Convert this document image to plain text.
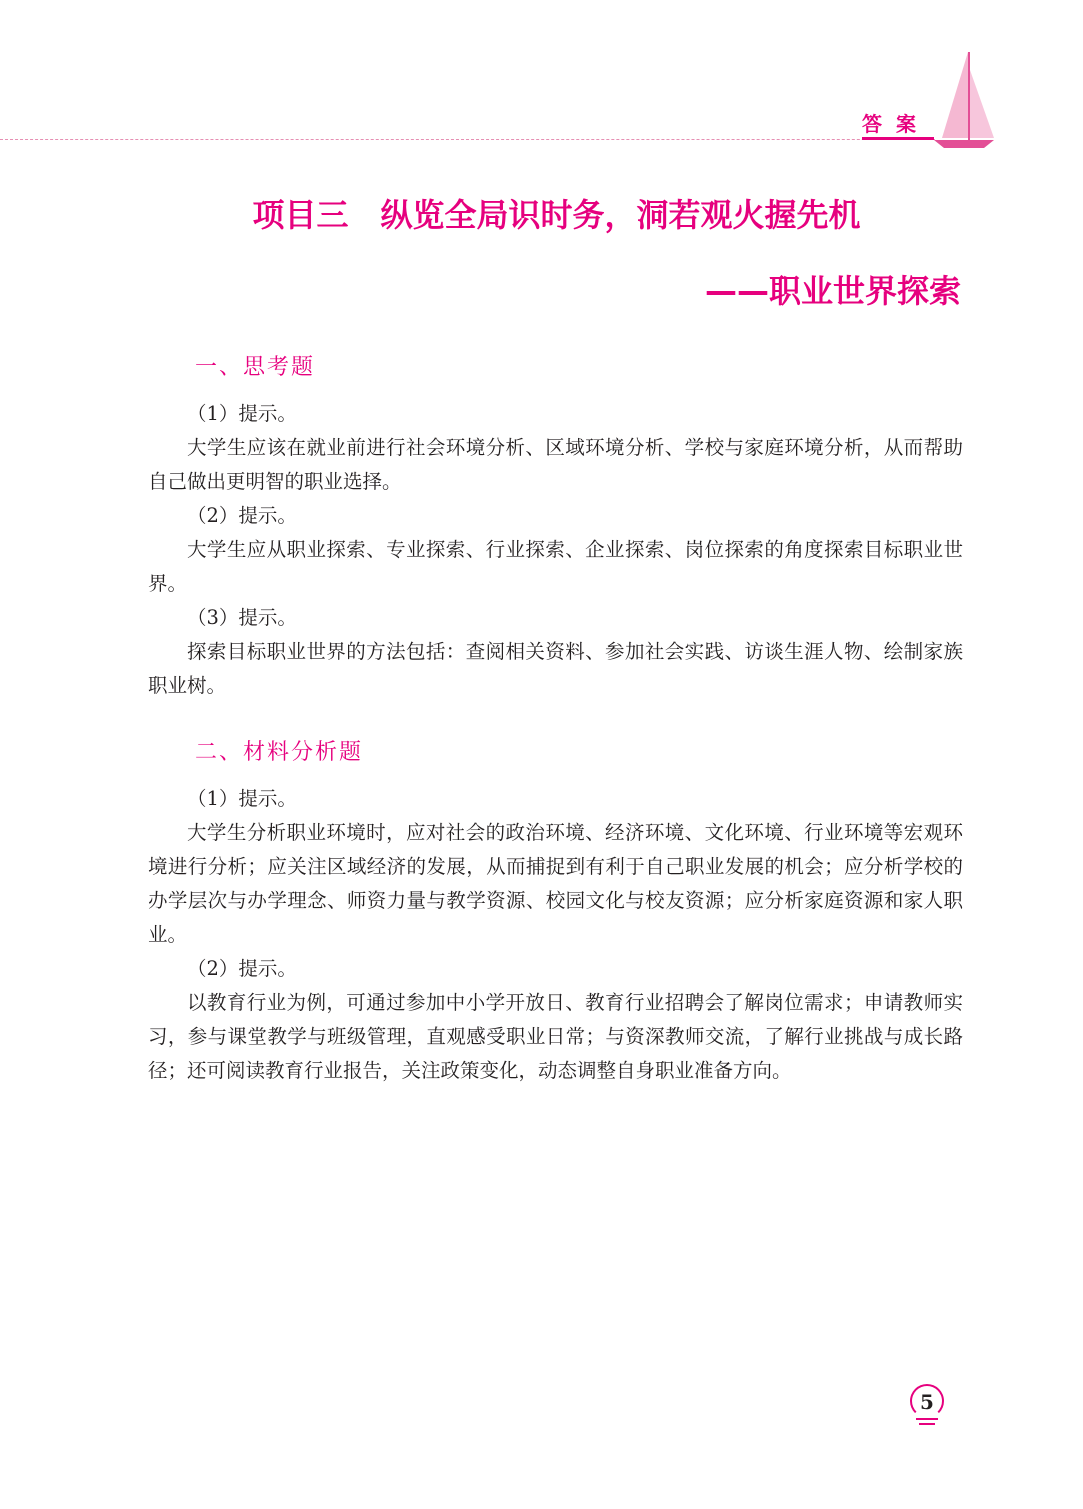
答案
项目三　纵览全局识时务，洞若观火握先机
——职业世界探索
一、思考题

（1）提示。

大学生应该在就业前进行社会环境分析、区域环境分析、学校与家庭环境分析，从而帮助自己做出更明智的职业选择。

（2）提示。

大学生应从职业探索、专业探索、行业探索、企业探索、岗位探索的角度探索目标职业世界。

（3）提示。

探索目标职业世界的方法包括：查阅相关资料、参加社会实践、访谈生涯人物、绘制家族职业树。

二、材料分析题

（1）提示。

大学生分析职业环境时，应对社会的政治环境、经济环境、文化环境、行业环境等宏观环境进行分析；应关注区域经济的发展，从而捕捉到有利于自己职业发展的机会；应分析学校的办学层次与办学理念、师资力量与教学资源、校园文化与校友资源；应分析家庭资源和家人职业。

（2）提示。

以教育行业为例，可通过参加中小学开放日、教育行业招聘会了解岗位需求；申请教师实习，参与课堂教学与班级管理，直观感受职业日常；与资深教师交流，了解行业挑战与成长路径；还可阅读教育行业报告，关注政策变化，动态调整自身职业准备方向。

5
